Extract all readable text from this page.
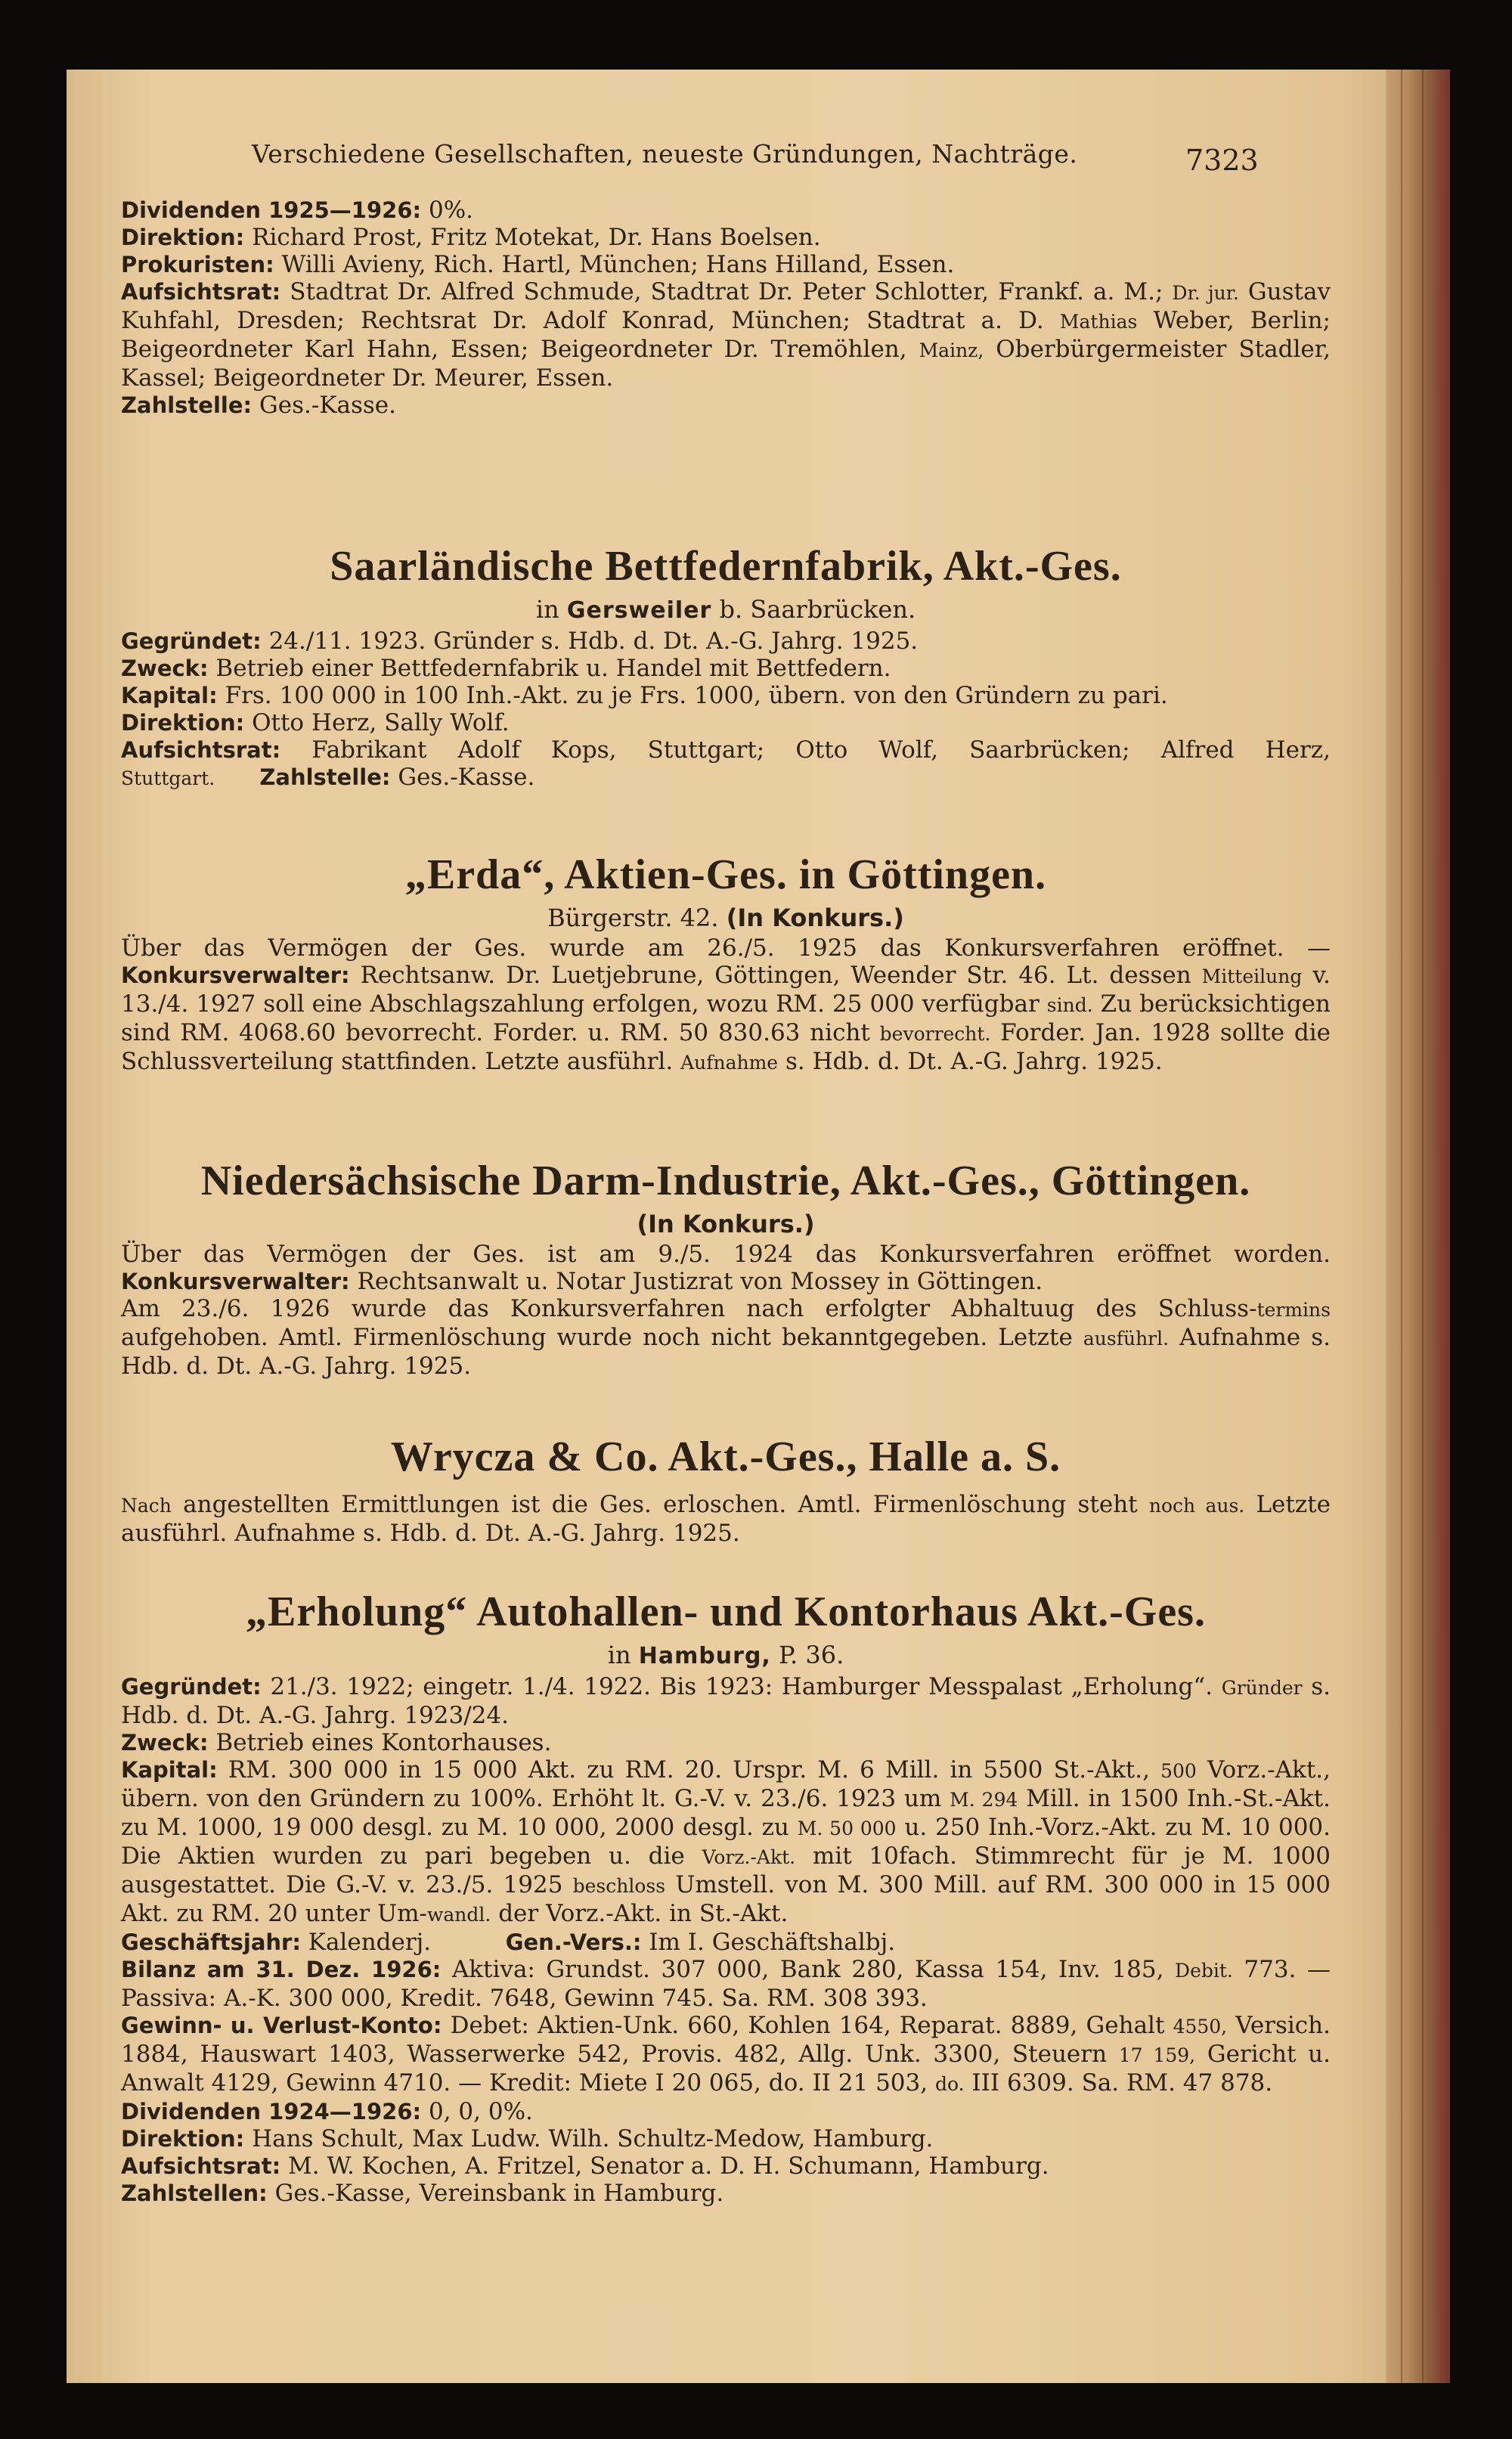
Verschiedene Gesellschaften, neueste Gründungen, Nachträge.	7323

Dividenden 1925—1926: 0%.

Direktion: Richard Prost, Fritz Motekat, Dr. Hans Boelsen.

Prokuristen: Willi Avieny, Rich. Hartl, München; Hans Hilland, Essen.

Aufsichtsrat: Stadtrat Dr. Alfred Schmude, Stadtrat Dr. Peter Schlotter, Frankf. a. M.; Dr. jur. Gustav Kuhfahl, Dresden; Rechtsrat Dr. Adolf Konrad, München; Stadtrat a. D. Mathias Weber, Berlin; Beigeordneter Karl Hahn, Essen; Beigeordneter Dr. Tremöhlen, Mainz, Oberbürgermeister Stadler, Kassel; Beigeordneter Dr. Meurer, Essen.

Zahlstelle: Ges.-Kasse.

Saarländische Bettfedernfabrik, Akt.-Ges.

in Gersweiler b. Saarbrücken.

Gegründet: 24./11. 1923. Gründer s. Hdb. d. Dt. A.-G. Jahrg. 1925.

Zweck: Betrieb einer Bettfedernfabrik u. Handel mit Bettfedern.

Kapital: Frs. 100 000 in 100 Inh.-Akt. zu je Frs. 1000, übern. von den Gründern zu pari.

Direktion: Otto Herz, Sally Wolf.

Aufsichtsrat: Fabrikant Adolf Kops, Stuttgart; Otto Wolf, Saarbrücken; Alfred Herz, Stuttgart. Zahlstelle: Ges.-Kasse.

„Erda“, Aktien-Ges. in Göttingen.

Bürgerstr. 42. (In Konkurs.)

Über das Vermögen der Ges. wurde am 26./5. 1925 das Konkursverfahren eröffnet. — Konkursverwalter: Rechtsanw. Dr. Luetjebrune, Göttingen, Weender Str. 46. Lt. dessen Mitteilung v. 13./4. 1927 soll eine Abschlagszahlung erfolgen, wozu RM. 25 000 verfügbar sind. Zu berücksichtigen sind RM. 4068.60 bevorrecht. Forder. u. RM. 50 830.63 nicht bevorrecht. Forder. Jan. 1928 sollte die Schlussverteilung stattfinden. Letzte ausführl. Aufnahme s. Hdb. d. Dt. A.-G. Jahrg. 1925.

Niedersächsische Darm-Industrie, Akt.-Ges., Göttingen.

(In Konkurs.)

Über das Vermögen der Ges. ist am 9./5. 1924 das Konkursverfahren eröffnet worden. Konkursverwalter: Rechtsanwalt u. Notar Justizrat von Mossey in Göttingen.

Am 23./6. 1926 wurde das Konkursverfahren nach erfolgter Abhaltuug des Schluss-termins aufgehoben. Amtl. Firmenlöschung wurde noch nicht bekanntgegeben. Letzte ausführl. Aufnahme s. Hdb. d. Dt. A.-G. Jahrg. 1925.

Wrycza & Co. Akt.-Ges., Halle a. S.

Nach angestellten Ermittlungen ist die Ges. erloschen. Amtl. Firmenlöschung steht noch aus. Letzte ausführl. Aufnahme s. Hdb. d. Dt. A.-G. Jahrg. 1925.

„Erholung“ Autohallen- und Kontorhaus Akt.-Ges.

in Hamburg, P. 36.

Gegründet: 21./3. 1922; eingetr. 1./4. 1922. Bis 1923: Hamburger Messpalast „Erholung“. Gründer s. Hdb. d. Dt. A.-G. Jahrg. 1923/24.

Zweck: Betrieb eines Kontorhauses.

Kapital: RM. 300 000 in 15 000 Akt. zu RM. 20. Urspr. M. 6 Mill. in 5500 St.-Akt., 500 Vorz.-Akt., übern. von den Gründern zu 100%. Erhöht lt. G.-V. v. 23./6. 1923 um M. 294 Mill. in 1500 Inh.-St.-Akt. zu M. 1000, 19 000 desgl. zu M. 10 000, 2000 desgl. zu M. 50 000 u. 250 Inh.-Vorz.-Akt. zu M. 10 000. Die Aktien wurden zu pari begeben u. die Vorz.-Akt. mit 10fach. Stimmrecht für je M. 1000 ausgestattet. Die G.-V. v. 23./5. 1925 beschloss Umstell. von M. 300 Mill. auf RM. 300 000 in 15 000 Akt. zu RM. 20 unter Um-wandl. der Vorz.-Akt. in St.-Akt.

Geschäftsjahr: Kalenderj.	Gen.-Vers.: Im I. Geschäftshalbj.

Bilanz am 31. Dez. 1926: Aktiva: Grundst. 307 000, Bank 280, Kassa 154, Inv. 185, Debit. 773. — Passiva: A.-K. 300 000, Kredit. 7648, Gewinn 745. Sa. RM. 308 393.

Gewinn- u. Verlust-Konto: Debet: Aktien-Unk. 660, Kohlen 164, Reparat. 8889, Gehalt 4550, Versich. 1884, Hauswart 1403, Wasserwerke 542, Provis. 482, Allg. Unk. 3300, Steuern 17 159, Gericht u. Anwalt 4129, Gewinn 4710. — Kredit: Miete I 20 065, do. II 21 503, do. III 6309. Sa. RM. 47 878.

Dividenden 1924—1926: 0, 0, 0%.

Direktion: Hans Schult, Max Ludw. Wilh. Schultz-Medow, Hamburg.

Aufsichtsrat: M. W. Kochen, A. Fritzel, Senator a. D. H. Schumann, Hamburg.

Zahlstellen: Ges.-Kasse, Vereinsbank in Hamburg.
